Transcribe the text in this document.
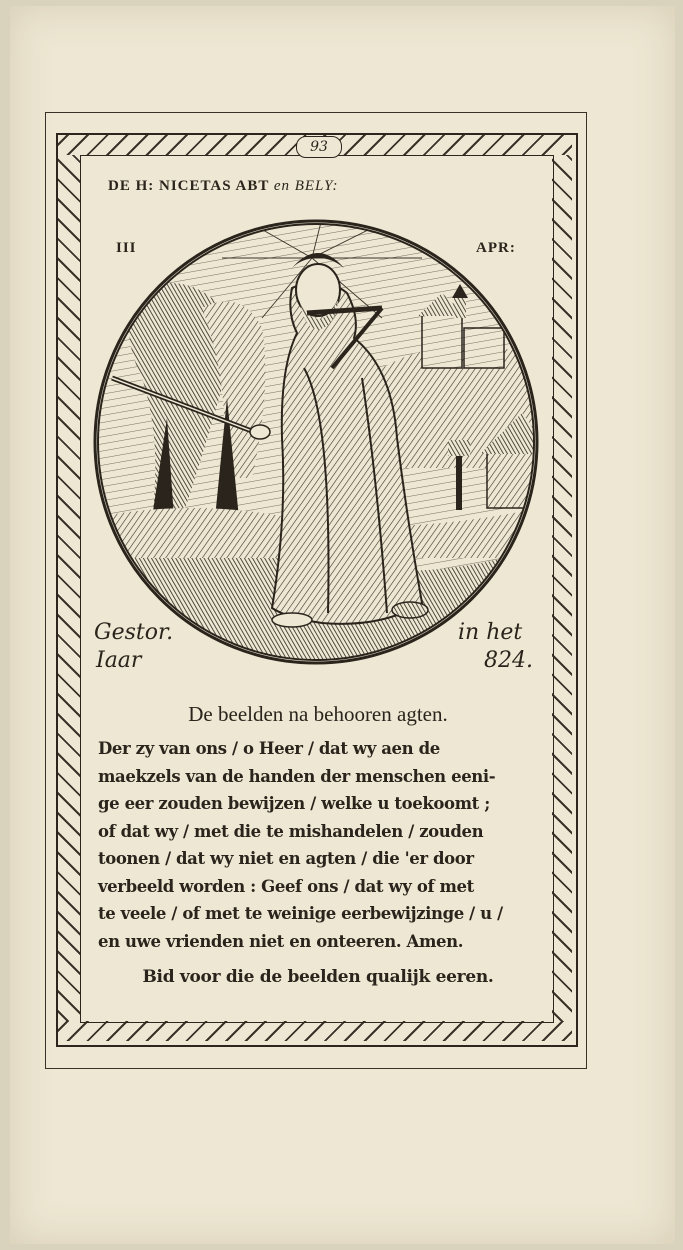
93
DE H: NICETAS ABT en BELY:
III	APR:
Gestor.
Iaar
in het
824.
De beelden na behooren agten.

Der zy van ons / o Heer / dat wy aen de

maekzels van de handen der menschen eeni-

ge eer zouden bewijzen / welke u toekoomt ;

of dat wy / met die te mishandelen / zouden

toonen / dat wy niet en agten / die 'er door

verbeeld worden : Geef ons / dat wy of met

te veele / of met te weinige eerbewijzinge / u /

en uwe vrienden niet en onteeren. Amen.

Bid voor die de beelden qualijk eeren.
